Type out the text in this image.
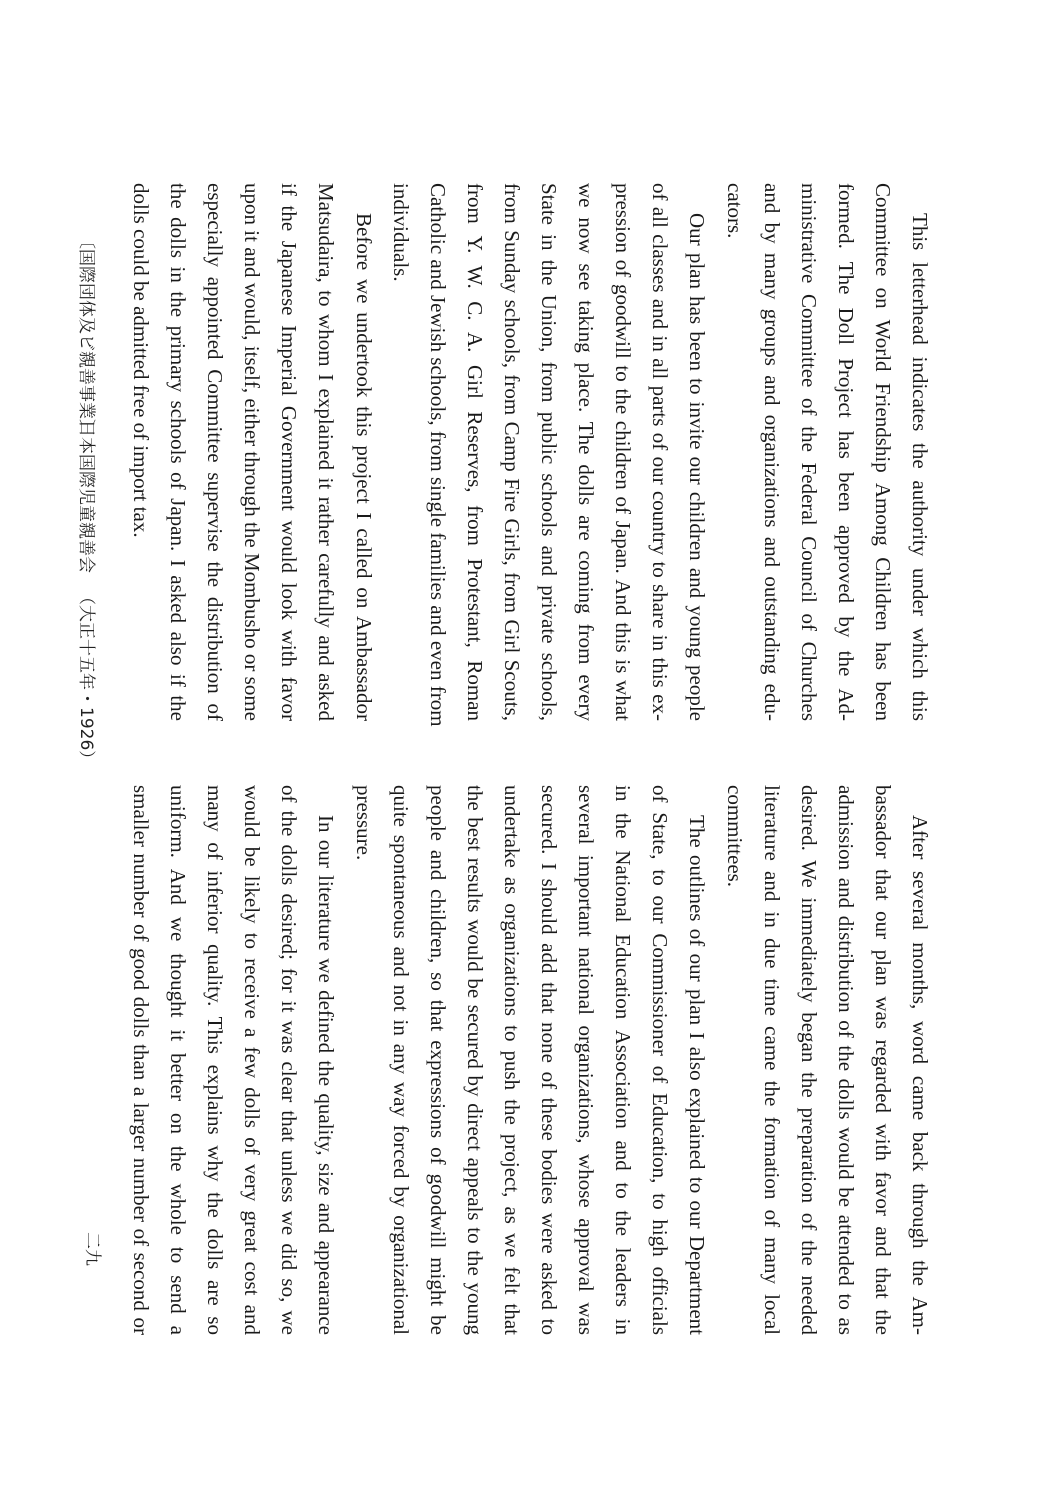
This letterhead indicates the authority under which this
Committee on World Friendship Among Children has been
formed. The Doll Project has been approved by the Ad-
ministrative Committee of the Federal Council of Churches
and by many groups and organizations and outstanding edu-
cators.
Our plan has been to invite our children and young people
of all classes and in all parts of our country to share in this ex-
pression of goodwill to the children of Japan. And this is what
we now see taking place. The dolls are coming from every
State in the Union, from public schools and private schools,
from Sunday schools, from Camp Fire Girls, from Girl Scouts,
from Y. W. C. A. Girl Reserves, from Protestant, Roman
Catholic and Jewish schools, from single families and even from
individuals.
Before we undertook this project I called on Ambassador
Matsudaira, to whom I explained it rather carefully and asked
if the Japanese Imperial Government would look with favor
upon it and would, itself, either through the Mombusho or some
especially appointed Committee supervise the distribution of
the dolls in the primary schools of Japan. I asked also if the
dolls could be admitted free of import tax.
After several months, word came back through the Am-
bassador that our plan was regarded with favor and that the
admission and distribution of the dolls would be attended to as
desired. We immediately began the preparation of the needed
literature and in due time came the formation of many local
committees.
The outlines of our plan I also explained to our Department
of State, to our Commissioner of Education, to high officials
in the National Education Association and to the leaders in
several important national organizations, whose approval was
secured. I should add that none of these bodies were asked to
undertake as organizations to push the project, as we felt that
the best results would be secured by direct appeals to the young
people and children, so that expressions of goodwill might be
quite spontaneous and not in any way forced by organizational
pressure.
In our literature we defined the quality, size and appearance
of the dolls desired; for it was clear that unless we did so, we
would be likely to receive a few dolls of very great cost and
many of inferior quality. This explains why the dolls are so
uniform. And we thought it better on the whole to send a
smaller number of good dolls than a larger number of second or
〔国際団体及ビ親善事業〕
日本国際児童親善会
（大正十五年・1926）
二九
